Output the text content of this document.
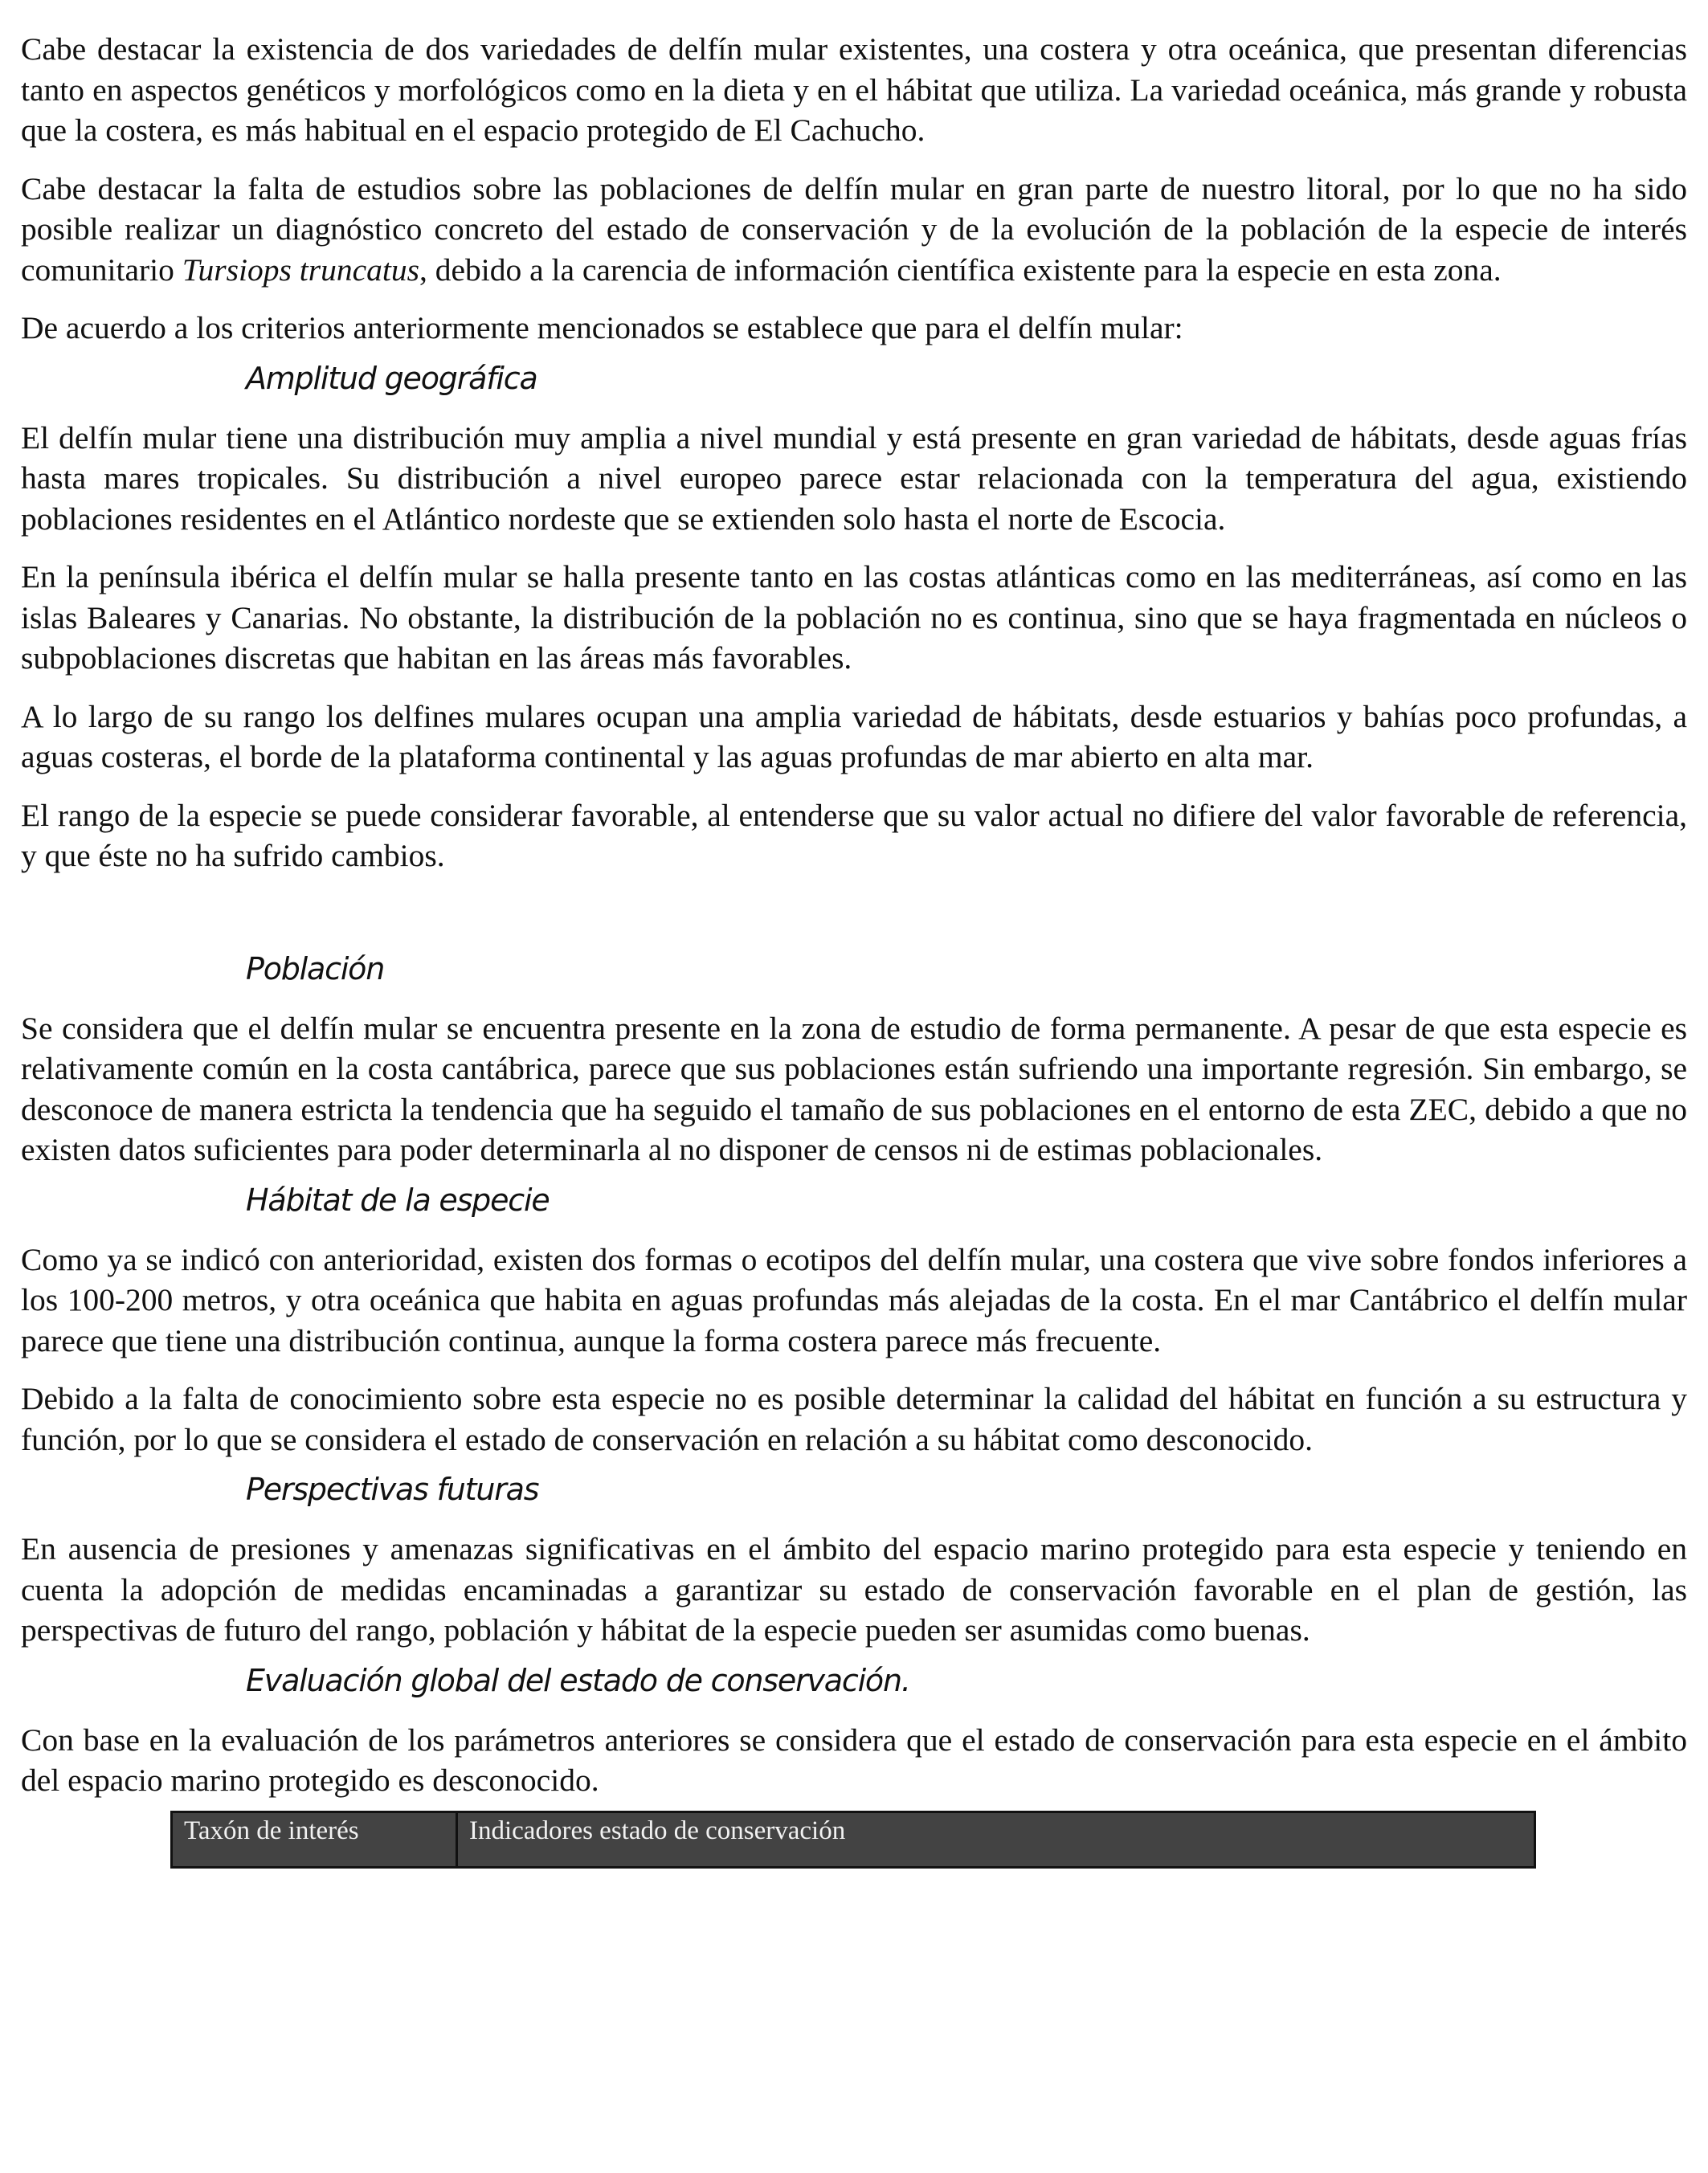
Cabe destacar la existencia de dos variedades de delfín mular existentes, una costera y otra oceánica, que presentan diferencias tanto en aspectos genéticos y morfológicos como en la dieta y en el hábitat que utiliza. La variedad oceánica, más grande y robusta que la costera, es más habitual en el espacio protegido de El Cachucho.

Cabe destacar la falta de estudios sobre las poblaciones de delfín mular en gran parte de nuestro litoral, por lo que no ha sido posible realizar un diagnóstico concreto del estado de conservación y de la evolución de la población de la especie de interés comunitario Tursiops truncatus, debido a la carencia de información científica existente para la especie en esta zona.

De acuerdo a los criterios anteriormente mencionados se establece que para el delfín mular:

Amplitud geográfica

El delfín mular tiene una distribución muy amplia a nivel mundial y está presente en gran variedad de hábitats, desde aguas frías hasta mares tropicales. Su distribución a nivel europeo parece estar relacionada con la temperatura del agua, existiendo poblaciones residentes en el Atlántico nordeste que se extienden solo hasta el norte de Escocia.

En la península ibérica el delfín mular se halla presente tanto en las costas atlánticas como en las mediterráneas, así como en las islas Baleares y Canarias. No obstante, la distribución de la población no es continua, sino que se haya fragmentada en núcleos o subpoblaciones discretas que habitan en las áreas más favorables.

A lo largo de su rango los delfines mulares ocupan una amplia variedad de hábitats, desde estuarios y bahías poco profundas, a aguas costeras, el borde de la plataforma continental y las aguas profundas de mar abierto en alta mar.

El rango de la especie se puede considerar favorable, al entenderse que su valor actual no difiere del valor favorable de referencia, y que éste no ha sufrido cambios.

Población

Se considera que el delfín mular se encuentra presente en la zona de estudio de forma permanente. A pesar de que esta especie es relativamente común en la costa cantábrica, parece que sus poblaciones están sufriendo una importante regresión. Sin embargo, se desconoce de manera estricta la tendencia que ha seguido el tamaño de sus poblaciones en el entorno de esta ZEC, debido a que no existen datos suficientes para poder determinarla al no disponer de censos ni de estimas poblacionales.

Hábitat de la especie

Como ya se indicó con anterioridad, existen dos formas o ecotipos del delfín mular, una costera que vive sobre fondos inferiores a los 100-200 metros, y otra oceánica que habita en aguas profundas más alejadas de la costa. En el mar Cantábrico el delfín mular parece que tiene una distribución continua, aunque la forma costera parece más frecuente.

Debido a la falta de conocimiento sobre esta especie no es posible determinar la calidad del hábitat en función a su estructura y función, por lo que se considera el estado de conservación en relación a su hábitat como desconocido.

Perspectivas futuras

En ausencia de presiones y amenazas significativas en el ámbito del espacio marino protegido para esta especie y teniendo en cuenta la adopción de medidas encaminadas a garantizar su estado de conservación favorable en el plan de gestión, las perspectivas de futuro del rango, población y hábitat de la especie pueden ser asumidas como buenas.

Evaluación global del estado de conservación.

Con base en la evaluación de los parámetros anteriores se considera que el estado de conservación para esta especie en el ámbito del espacio marino protegido es desconocido.

Taxón de interés	Indicadores estado de conservación
